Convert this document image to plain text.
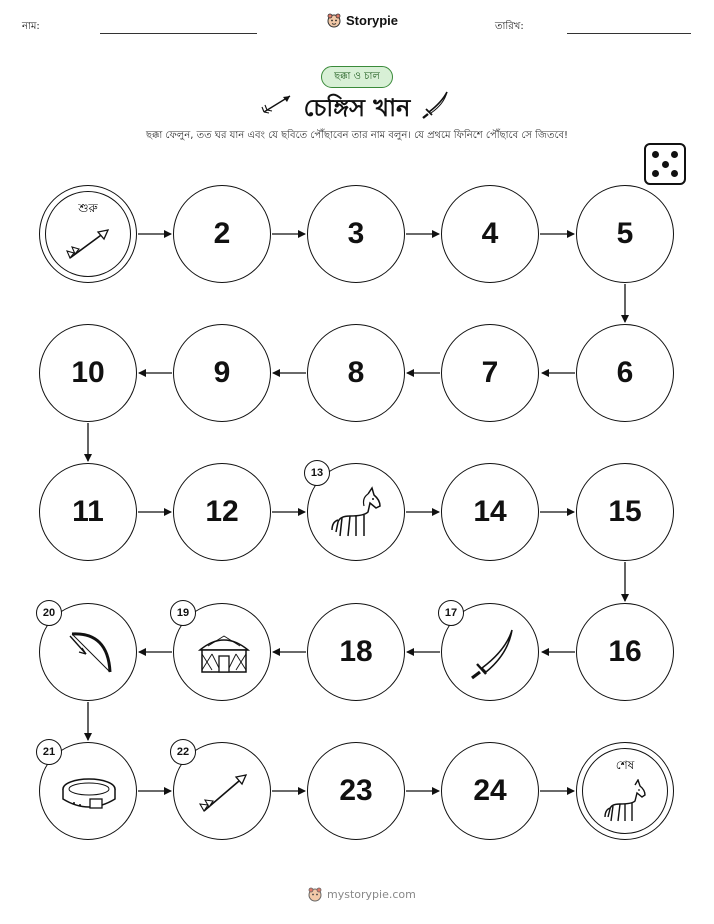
নাম:	Storypie	তারিখ:
ছক্কা ও চাল
চেঙ্গিস খান
ছক্কা ফেলুন, তত ঘর যান এবং যে ছবিতে পৌঁছাবেন তার নাম বলুন। যে প্রথমে ফিনিশে পৌঁছাবে সে জিতবে!
শুরু
2	3	4	5
6
7
8
9
10
11	12
13
14	15
16
17
18
19
20
21	22
23	24
শেষ
mystorypie.com
